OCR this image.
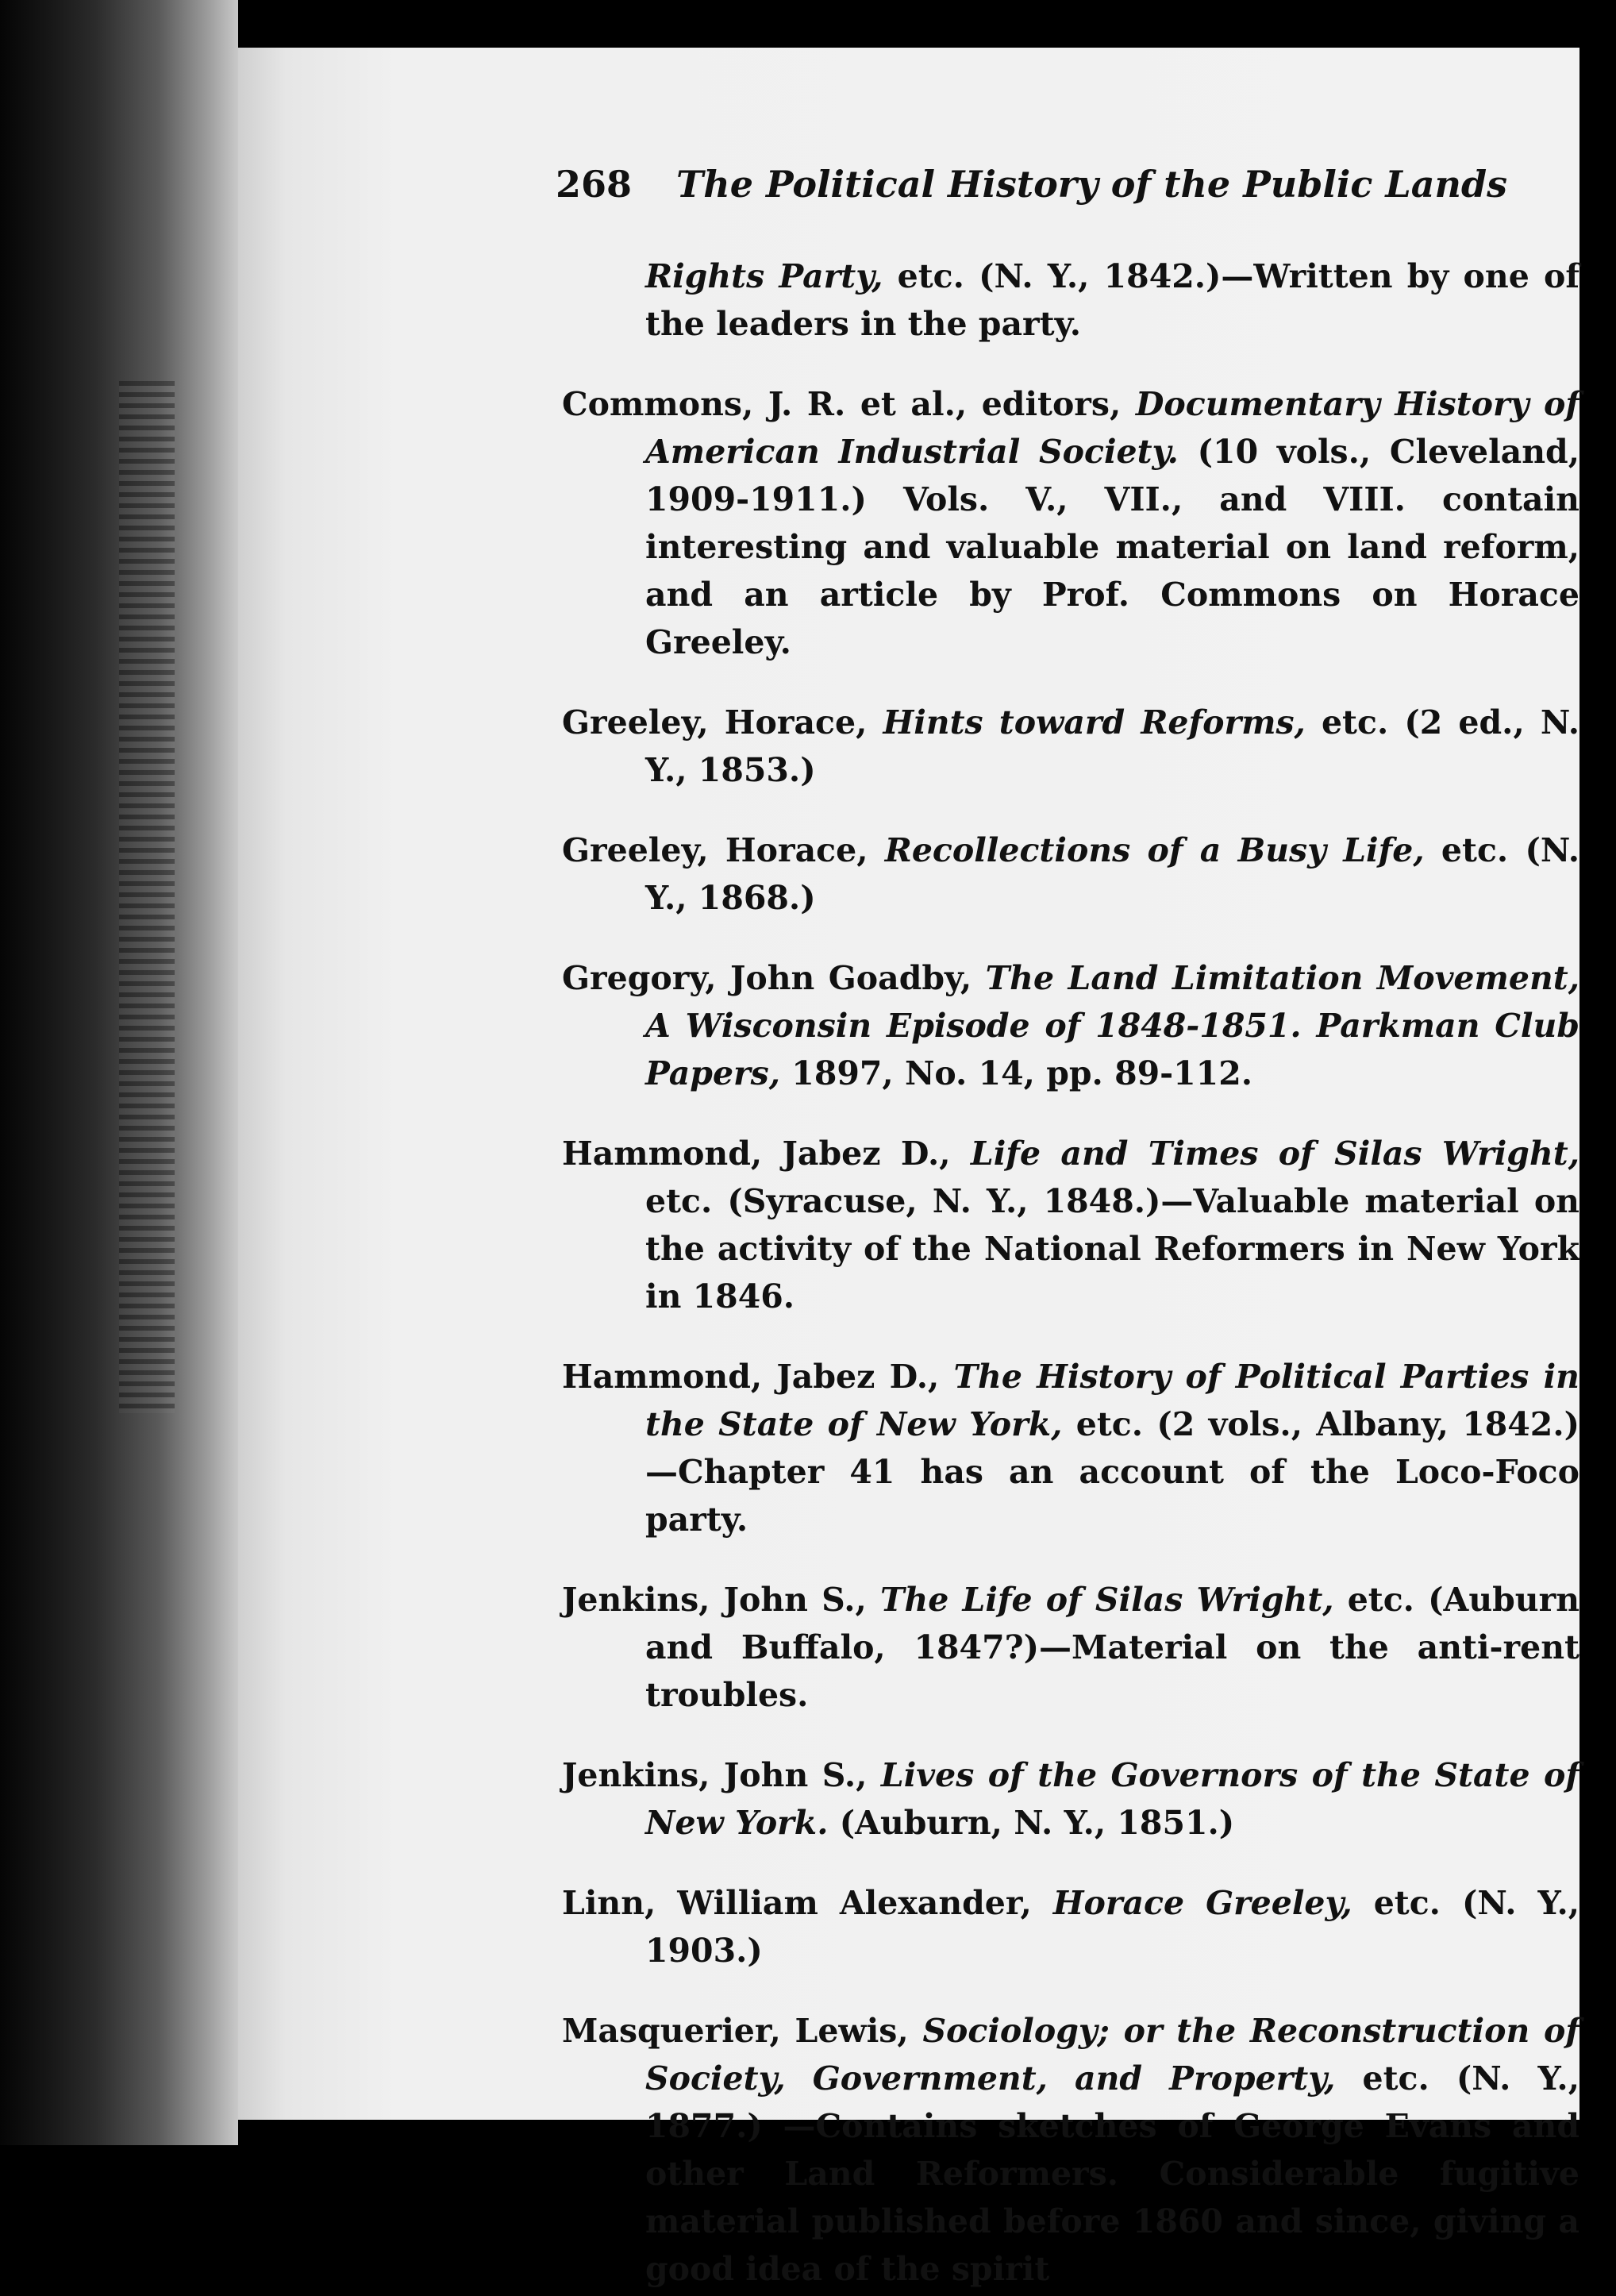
268 The Political History of the Public Lands

Rights Party, etc. (N. Y., 1842.)—Written by one of the leaders in the party.

Commons, J. R. et al., editors, Documentary History of American Industrial Society. (10 vols., Cleveland, 1909-1911.) Vols. V., VII., and VIII. contain interesting and valuable material on land reform, and an article by Prof. Commons on Horace Greeley.

Greeley, Horace, Hints toward Reforms, etc. (2 ed., N. Y., 1853.)

Greeley, Horace, Recollections of a Busy Life, etc. (N. Y., 1868.)

Gregory, John Goadby, The Land Limitation Movement, A Wisconsin Episode of 1848-1851. Parkman Club Papers, 1897, No. 14, pp. 89-112.

Hammond, Jabez D., Life and Times of Silas Wright, etc. (Syracuse, N. Y., 1848.)—Valuable material on the activity of the National Reformers in New York in 1846.

Hammond, Jabez D., The History of Political Parties in the State of New York, etc. (2 vols., Albany, 1842.)—Chapter 41 has an account of the Loco-Foco party.

Jenkins, John S., The Life of Silas Wright, etc. (Auburn and Buffalo, 1847?)—Material on the anti-rent troubles.

Jenkins, John S., Lives of the Governors of the State of New York. (Auburn, N. Y., 1851.)

Linn, William Alexander, Horace Greeley, etc. (N. Y., 1903.)

Masquerier, Lewis, Sociology; or the Reconstruction of Society, Government, and Property, etc. (N. Y., 1877.) —Contains sketches of George Evans and other Land Reformers. Considerable fugitive material published before 1860 and since, giving a good idea of the spirit
